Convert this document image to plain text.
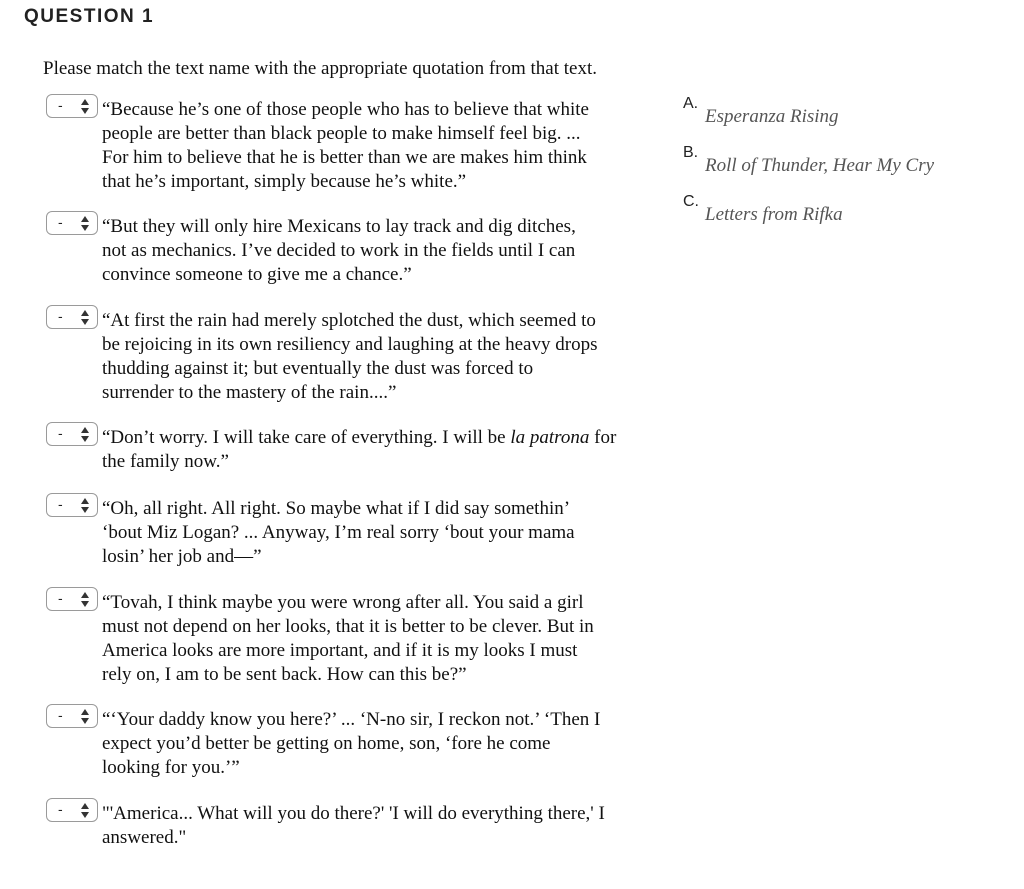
QUESTION 1
Please match the text name with the appropriate quotation from that text.
- “Because he’s one of those people who has to believe that white
people are better than black people to make himself feel big. ...
For him to believe that he is better than we are makes him think
that he’s important, simply because he’s white.”
- “But they will only hire Mexicans to lay track and dig ditches,
not as mechanics. I’ve decided to work in the fields until I can
convince someone to give me a chance.”
- “At first the rain had merely splotched the dust, which seemed to
be rejoicing in its own resiliency and laughing at the heavy drops
thudding against it; but eventually the dust was forced to
surrender to the mastery of the rain....”
- “Don’t worry. I will take care of everything. I will be la patrona for
the family now.”
- “Oh, all right. All right. So maybe what if I did say somethin’
‘bout Miz Logan? ... Anyway, I’m real sorry ‘bout your mama
losin’ her job and—”
- “Tovah, I think maybe you were wrong after all. You said a girl
must not depend on her looks, that it is better to be clever. But in
America looks are more important, and if it is my looks I must
rely on, I am to be sent back. How can this be?”
- “‘Your daddy know you here?’ ... ‘N-no sir, I reckon not.’ ‘Then I
expect you’d better be getting on home, son, ‘fore he come
looking for you.’”
- "'America... What will you do there?' 'I will do everything there,' I
answered."
A.
Esperanza Rising
B.
Roll of Thunder, Hear My Cry
C.
Letters from Rifka
